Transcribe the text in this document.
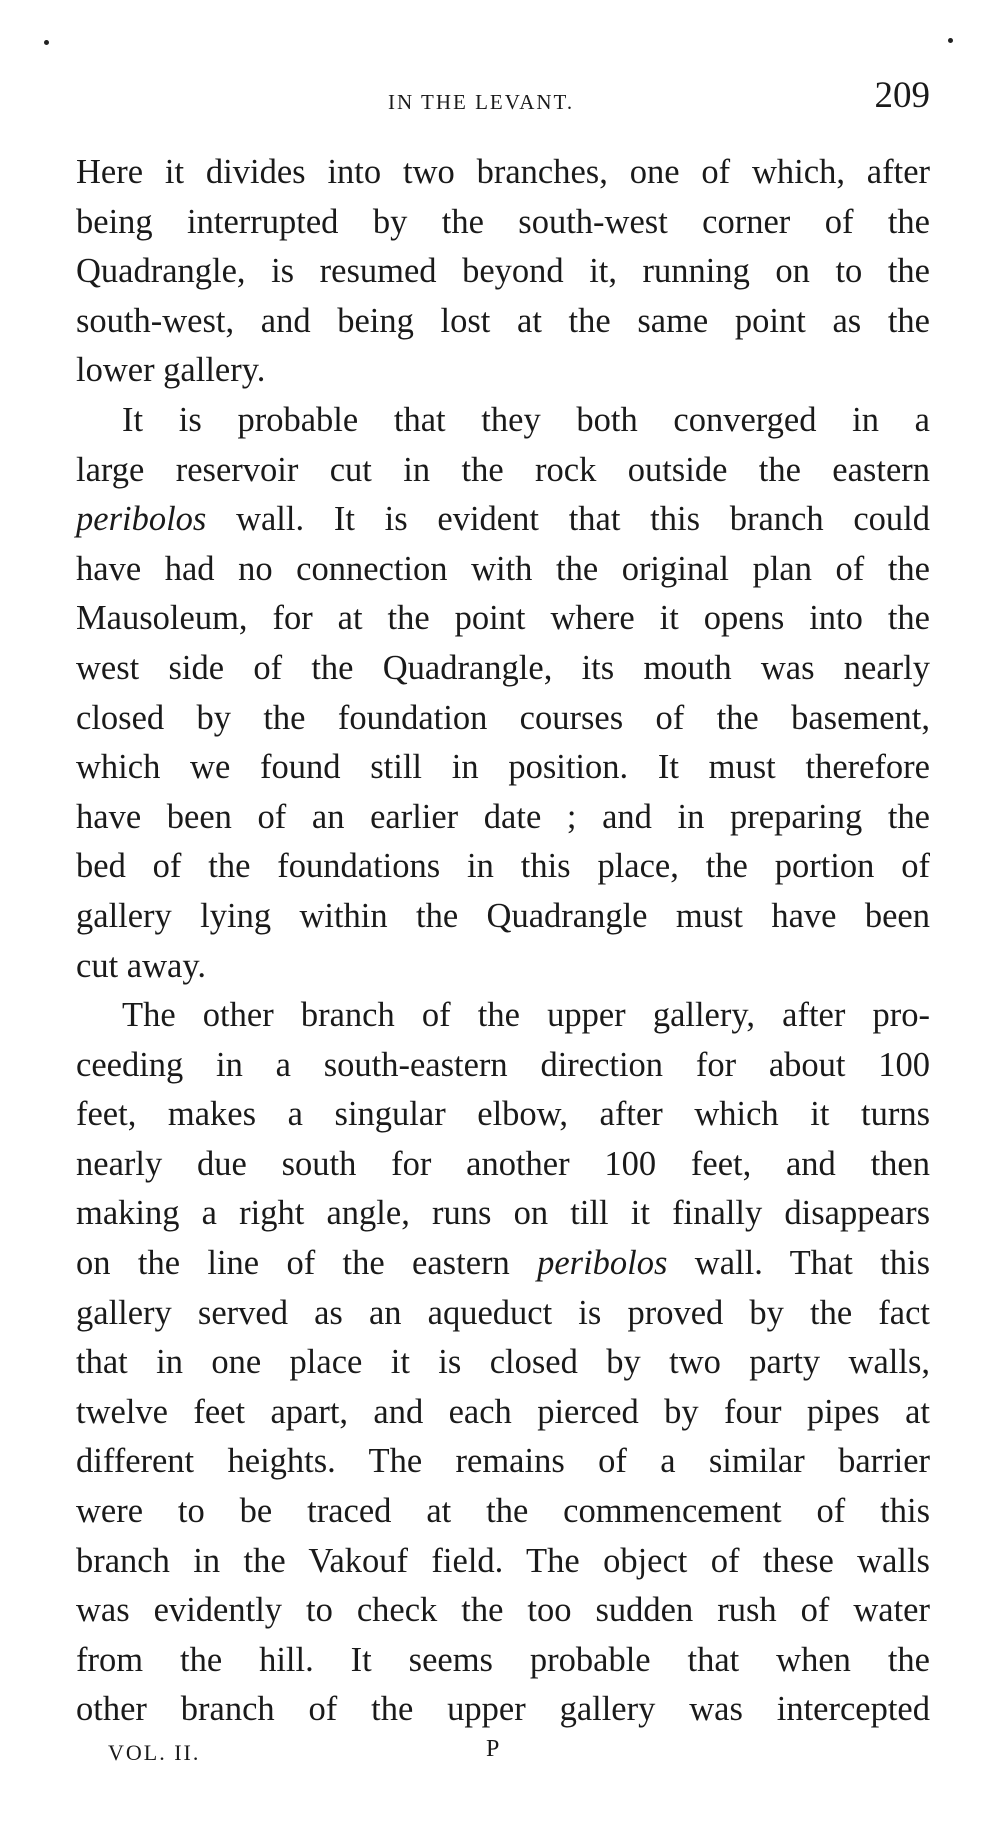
IN THE LEVANT.	209
Here it divides into two branches, one of which, after
being interrupted by the south-west corner of the
Quadrangle, is resumed beyond it, running on to the
south-west, and being lost at the same point as the
lower gallery.
It is probable that they both converged in a
large reservoir cut in the rock outside the eastern
peribolos wall. It is evident that this branch could
have had no connection with the original plan of the
Mausoleum, for at the point where it opens into the
west side of the Quadrangle, its mouth was nearly
closed by the foundation courses of the basement,
which we found still in position. It must therefore
have been of an earlier date ; and in preparing the
bed of the foundations in this place, the portion of
gallery lying within the Quadrangle must have been
cut away.
The other branch of the upper gallery, after pro-
ceeding in a south-eastern direction for about 100
feet, makes a singular elbow, after which it turns
nearly due south for another 100 feet, and then
making a right angle, runs on till it finally disappears
on the line of the eastern peribolos wall. That this
gallery served as an aqueduct is proved by the fact
that in one place it is closed by two party walls,
twelve feet apart, and each pierced by four pipes at
different heights. The remains of a similar barrier
were to be traced at the commencement of this
branch in the Vakouf field. The object of these walls
was evidently to check the too sudden rush of water
from the hill. It seems probable that when the
other branch of the upper gallery was intercepted
VOL. II.	P
